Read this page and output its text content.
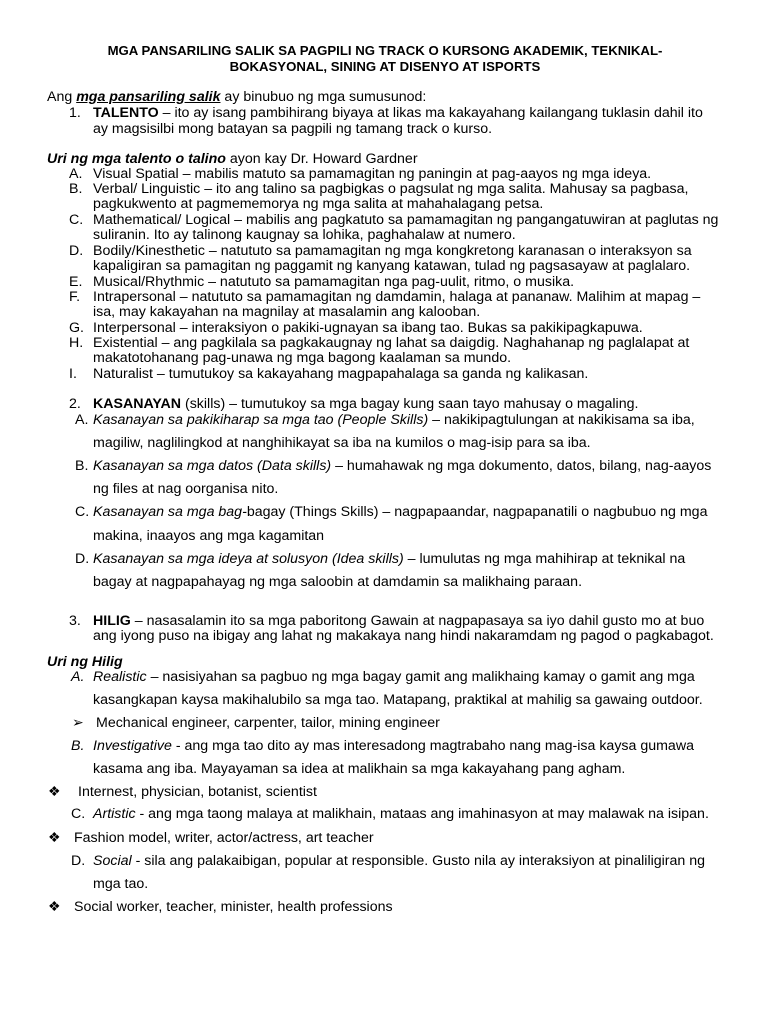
MGA PANSARILING SALIK SA PAGPILI NG TRACK O KURSONG AKADEMIK, TEKNIKAL-
BOKASYONAL, SINING AT DISENYO AT ISPORTS
Ang mga pansariling salik ay binubuo ng mga sumusunod:
1. TALENTO – ito ay isang pambihirang biyaya at likas ma kakayahang kailangang tuklasin dahil ito
ay magsisilbi mong batayan sa pagpili ng tamang track o kurso.
Uri ng mga talento o talino ayon kay Dr. Howard Gardner
A. Visual Spatial – mabilis matuto sa pamamagitan ng paningin at pag-aayos ng mga ideya.
B. Verbal/ Linguistic – ito ang talino sa pagbigkas o pagsulat ng mga salita. Mahusay sa pagbasa,
pagkukwento at pagmememorya ng mga salita at mahahalagang petsa.
C. Mathematical/ Logical – mabilis ang pagkatuto sa pamamagitan ng pangangatuwiran at paglutas ng
suliranin. Ito ay talinong kaugnay sa lohika, paghahalaw at numero.
D. Bodily/Kinesthetic – natututo sa pamamagitan ng mga kongkretong karanasan o interaksyon sa
kapaligiran sa pamagitan ng paggamit ng kanyang katawan, tulad ng pagsasayaw at paglalaro.
E. Musical/Rhythmic – natututo sa pamamagitan nga pag-uulit, ritmo, o musika.
F. Intrapersonal – natututo sa pamamagitan ng damdamin, halaga at pananaw. Malihim at mapag –
isa, may kakayahan na magnilay at masalamin ang kalooban.
G. Interpersonal – interaksiyon o pakiki-ugnayan sa ibang tao. Bukas sa pakikipagkapuwa.
H. Existential – ang pagkilala sa pagkakaugnay ng lahat sa daigdig. Naghahanap ng paglalapat at
makatotohanang pag-unawa ng mga bagong kaalaman sa mundo.
I. Naturalist – tumutukoy sa kakayahang magpapahalaga sa ganda ng kalikasan.
2. KASANAYAN (skills) – tumutukoy sa mga bagay kung saan tayo mahusay o magaling.
A. Kasanayan sa pakikiharap sa mga tao (People Skills) – nakikipagtulungan at nakikisama sa iba,
magiliw, naglilingkod at nanghihikayat sa iba na kumilos o mag-isip para sa iba.
B. Kasanayan sa mga datos (Data skills) – humahawak ng mga dokumento, datos, bilang, nag-aayos
ng files at nag oorganisa nito.
C. Kasanayan sa mga bag-bagay (Things Skills) – nagpapaandar, nagpapanatili o nagbubuo ng mga
makina, inaayos ang mga kagamitan
D. Kasanayan sa mga ideya at solusyon (Idea skills) – lumulutas ng mga mahihirap at teknikal na
bagay at nagpapahayag ng mga saloobin at damdamin sa malikhaing paraan.
3. HILIG – nasasalamin ito sa mga paboritong Gawain at nagpapasaya sa iyo dahil gusto mo at buo
ang iyong puso na ibigay ang lahat ng makakaya nang hindi nakaramdam ng pagod o pagkabagot.
Uri ng Hilig
A. Realistic – nasisiyahan sa pagbuo ng mga bagay gamit ang malikhaing kamay o gamit ang mga
kasangkapan kaysa makihalubilo sa mga tao. Matapang, praktikal at mahilig sa gawaing outdoor.
➢ Mechanical engineer, carpenter, tailor, mining engineer
B. Investigative - ang mga tao dito ay mas interesadong magtrabaho nang mag-isa kaysa gumawa
kasama ang iba. Mayayaman sa idea at malikhain sa mga kakayahang pang agham.
❖ Internest, physician, botanist, scientist
C. Artistic - ang mga taong malaya at malikhain, mataas ang imahinasyon at may malawak na isipan.
❖ Fashion model, writer, actor/actress, art teacher
D. Social - sila ang palakaibigan, popular at responsible. Gusto nila ay interaksiyon at pinaliligiran ng
mga tao.
❖ Social worker, teacher, minister, health professions
